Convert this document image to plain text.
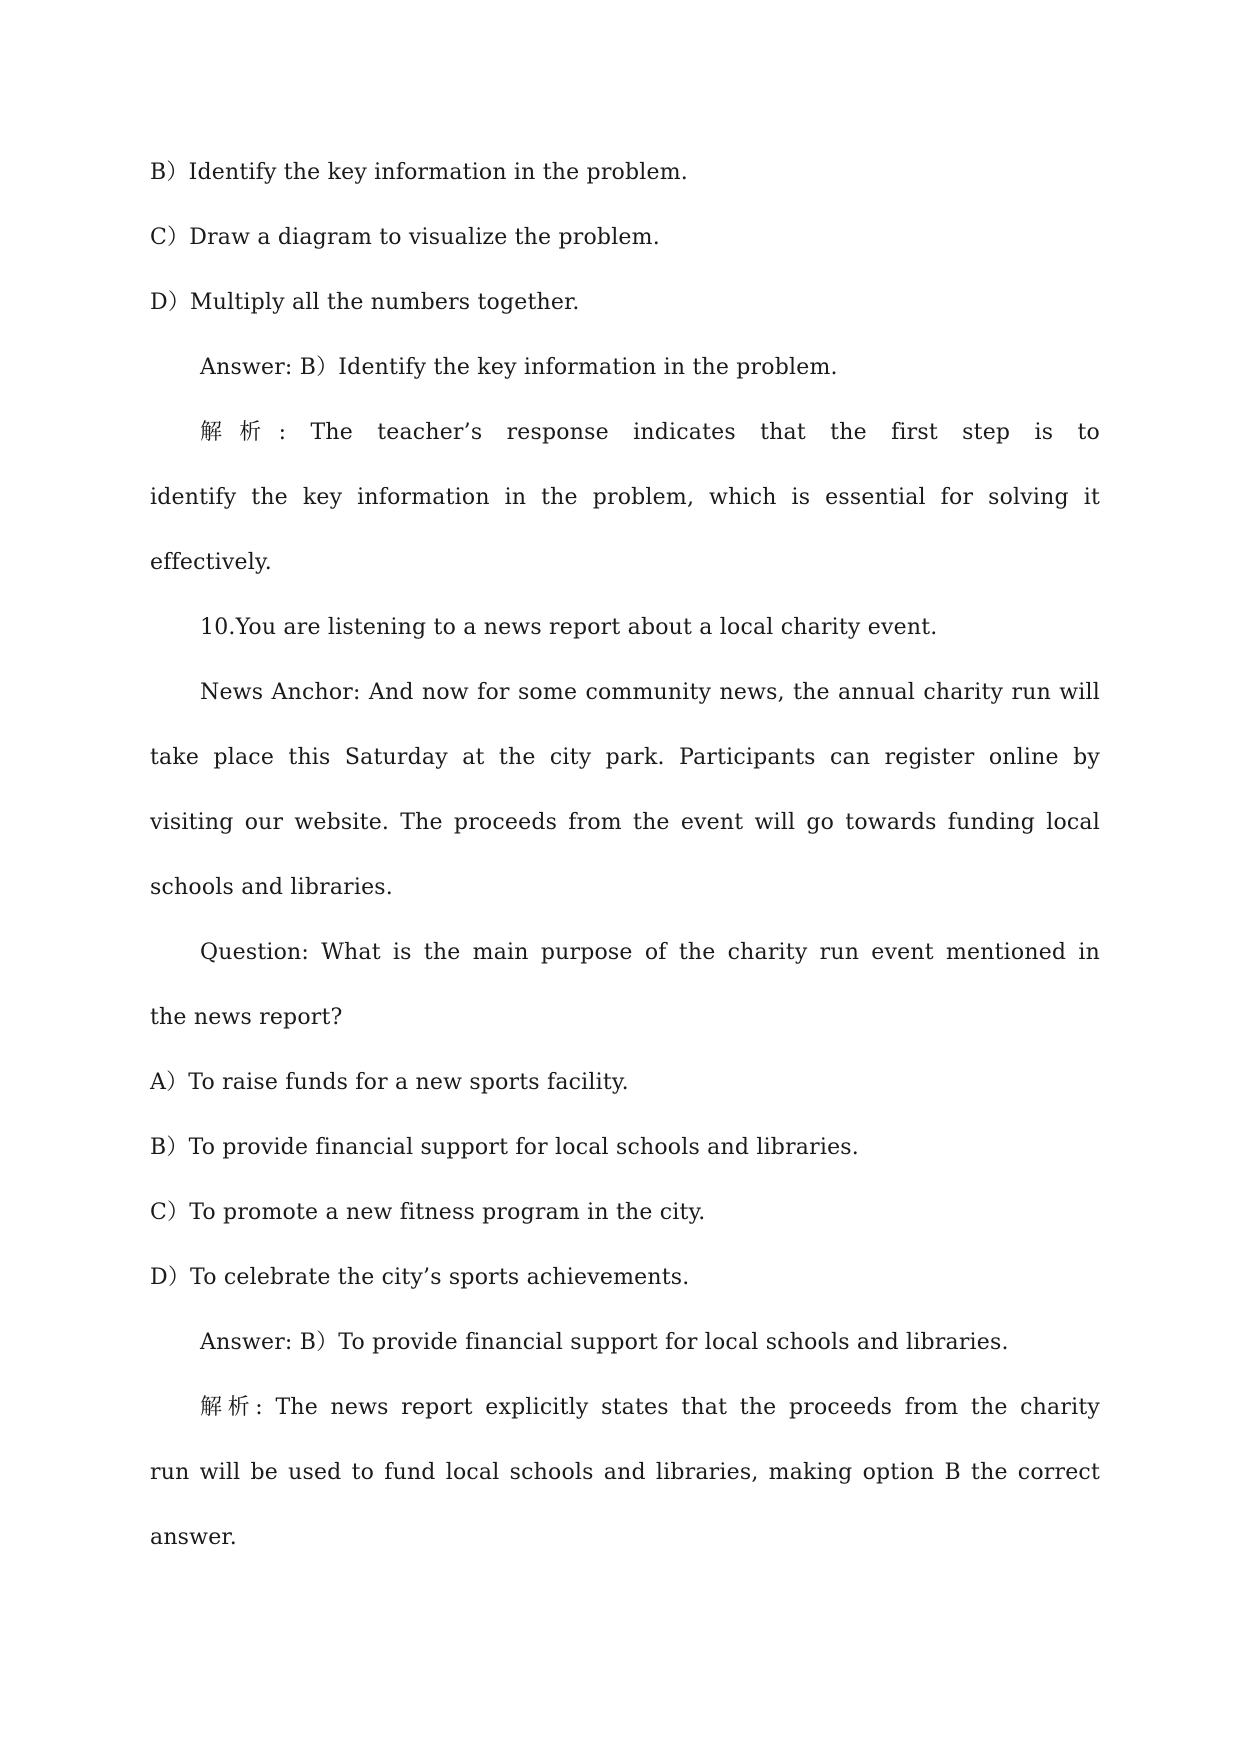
B）Identify the key information in the problem.

C）Draw a diagram to visualize the problem.

D）Multiply all the numbers together.

Answer: B）Identify the key information in the problem.

解析: The teacher’s response indicates that the first step is to

identify the key information in the problem, which is essential for solving it

effectively.

10.You are listening to a news report about a local charity event.

News Anchor: And now for some community news, the annual charity run will

take place this Saturday at the city park. Participants can register online by

visiting our website. The proceeds from the event will go towards funding local

schools and libraries.

Question: What is the main purpose of the charity run event mentioned in

the news report?

A）To raise funds for a new sports facility.

B）To provide financial support for local schools and libraries.

C）To promote a new fitness program in the city.

D）To celebrate the city’s sports achievements.

Answer: B）To provide financial support for local schools and libraries.

解析: The news report explicitly states that the proceeds from the charity

run will be used to fund local schools and libraries, making option B the correct

answer.
